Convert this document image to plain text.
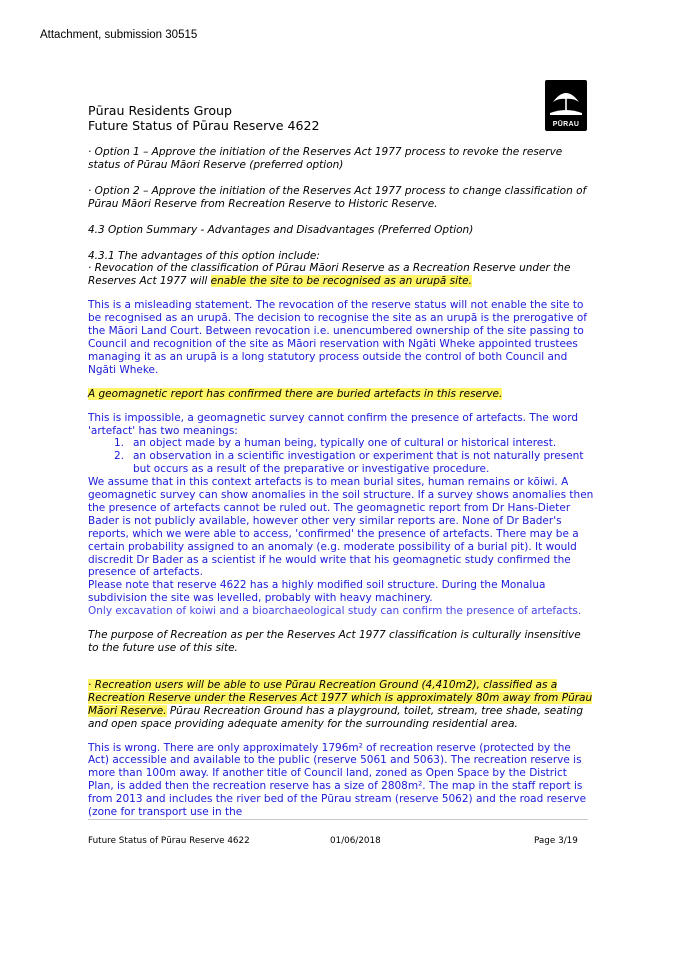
Attachment, submission 30515
Pūrau Residents Group
Future Status of Pūrau Reserve 4622	PŪRAU

· Option 1 – Approve the initiation of the Reserves Act 1977 process to revoke the reserve status of Pūrau Māori Reserve (preferred option)

· Option 2 – Approve the initiation of the Reserves Act 1977 process to change classification of Pūrau Māori Reserve from Recreation Reserve to Historic Reserve.

4.3 Option Summary - Advantages and Disadvantages (Preferred Option)

4.3.1 The advantages of this option include:

· Revocation of the classification of Pūrau Māori Reserve as a Recreation Reserve under the Reserves Act 1977 will enable the site to be recognised as an urupā site.

This is a misleading statement. The revocation of the reserve status will not enable the site to be recognised as an urupā. The decision to recognise the site as an urupā is the prerogative of the Māori Land Court. Between revocation i.e. unencumbered ownership of the site passing to Council and recognition of the site as Māori reservation with Ngāti Wheke appointed trustees managing it as an urupā is a long statutory process outside the control of both Council and Ngāti Wheke.

A geomagnetic report has confirmed there are buried artefacts in this reserve.

This is impossible, a geomagnetic survey cannot confirm the presence of artefacts. The word 'artefact' has two meanings:

1. an object made by a human being, typically one of cultural or historical interest.
2. an observation in a scientific investigation or experiment that is not naturally present but occurs as a result of the preparative or investigative procedure.

We assume that in this context artefacts is to mean burial sites, human remains or kōiwi. A geomagnetic survey can show anomalies in the soil structure. If a survey shows anomalies then the presence of artefacts cannot be ruled out. The geomagnetic report from Dr Hans-Dieter Bader is not publicly available, however other very similar reports are. None of Dr Bader's reports, which we were able to access, 'confirmed' the presence of artefacts. There may be a certain probability assigned to an anomaly (e.g. moderate possibility of a burial pit). It would discredit Dr Bader as a scientist if he would write that his geomagnetic study confirmed the presence of artefacts.

Please note that reserve 4622 has a highly modified soil structure. During the Monalua subdivision the site was levelled, probably with heavy machinery.

Only excavation of koiwi and a bioarchaeological study can confirm the presence of artefacts.

The purpose of Recreation as per the Reserves Act 1977 classification is culturally insensitive to the future use of this site.

· Recreation users will be able to use Pūrau Recreation Ground (4,410m2), classified as a Recreation Reserve under the Reserves Act 1977 which is approximately 80m away from Pūrau Māori Reserve. Pūrau Recreation Ground has a playground, toilet, stream, tree shade, seating and open space providing adequate amenity for the surrounding residential area.

This is wrong. There are only approximately 1796m² of recreation reserve (protected by the Act) accessible and available to the public (reserve 5061 and 5063). The recreation reserve is more than 100m away. If another title of Council land, zoned as Open Space by the District Plan, is added then the recreation reserve has a size of 2808m². The map in the staff report is from 2013 and includes the river bed of the Pūrau stream (reserve 5062) and the road reserve (zone for transport use in the

Future Status of Pūrau Reserve 4622	01/06/2018	Page 3/19
